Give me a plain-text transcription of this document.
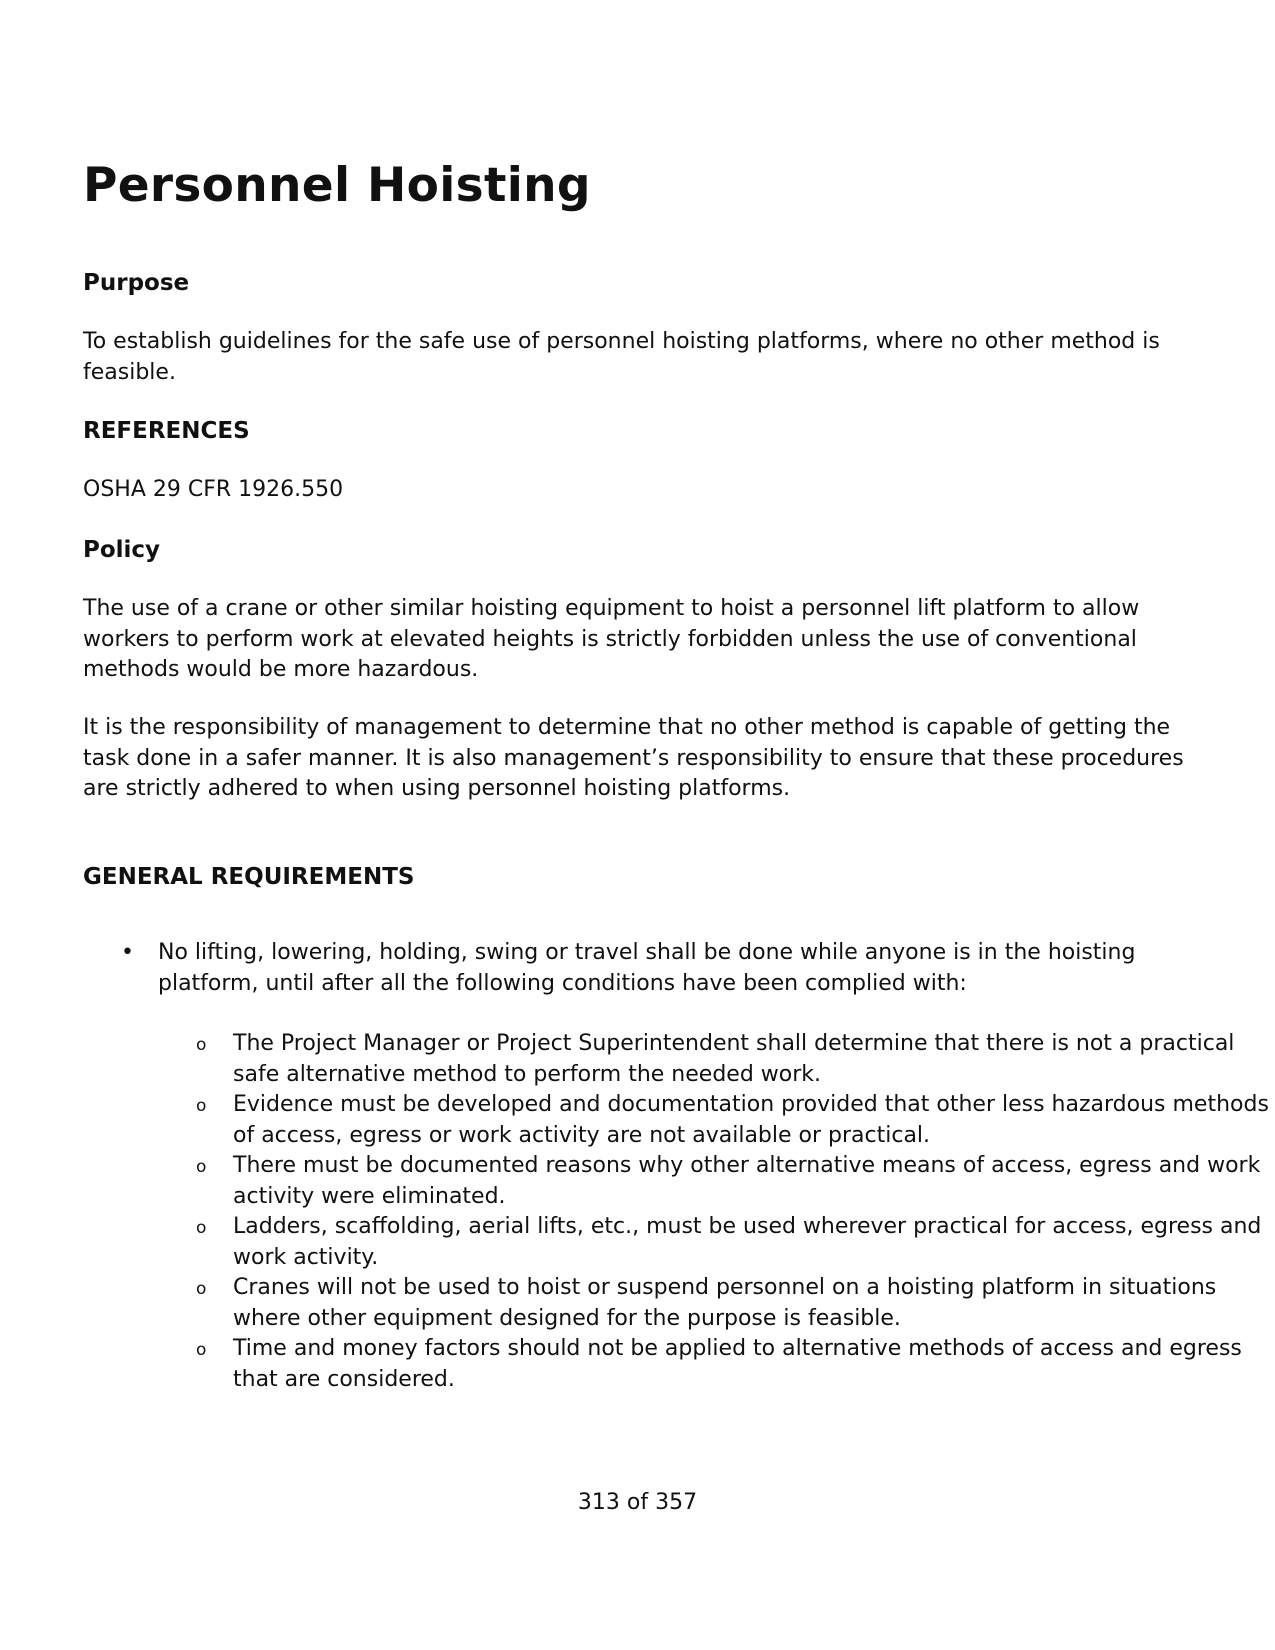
Personnel Hoisting
Purpose

To establish guidelines for the safe use of personnel hoisting platforms, where no other method is feasible.

REFERENCES

OSHA 29 CFR 1926.550

Policy

The use of a crane or other similar hoisting equipment to hoist a personnel lift platform to allow workers to perform work at elevated heights is strictly forbidden unless the use of conventional methods would be more hazardous.

It is the responsibility of management to determine that no other method is capable of getting the task done in a safer manner. It is also management’s responsibility to ensure that these procedures are strictly adhered to when using personnel hoisting platforms.

GENERAL REQUIREMENTS
• No lifting, lowering, holding, swing or travel shall be done while anyone is in the hoisting platform, until after all the following conditions have been complied with:
o The Project Manager or Project Superintendent shall determine that there is not a practical safe alternative method to perform the needed work.
o Evidence must be developed and documentation provided that other less hazardous methods of access, egress or work activity are not available or practical.
o There must be documented reasons why other alternative means of access, egress and work activity were eliminated.
o Ladders, scaffolding, aerial lifts, etc., must be used wherever practical for access, egress and work activity.
o Cranes will not be used to hoist or suspend personnel on a hoisting platform in situations where other equipment designed for the purpose is feasible.
o Time and money factors should not be applied to alternative methods of access and egress that are considered.
313 of 357
